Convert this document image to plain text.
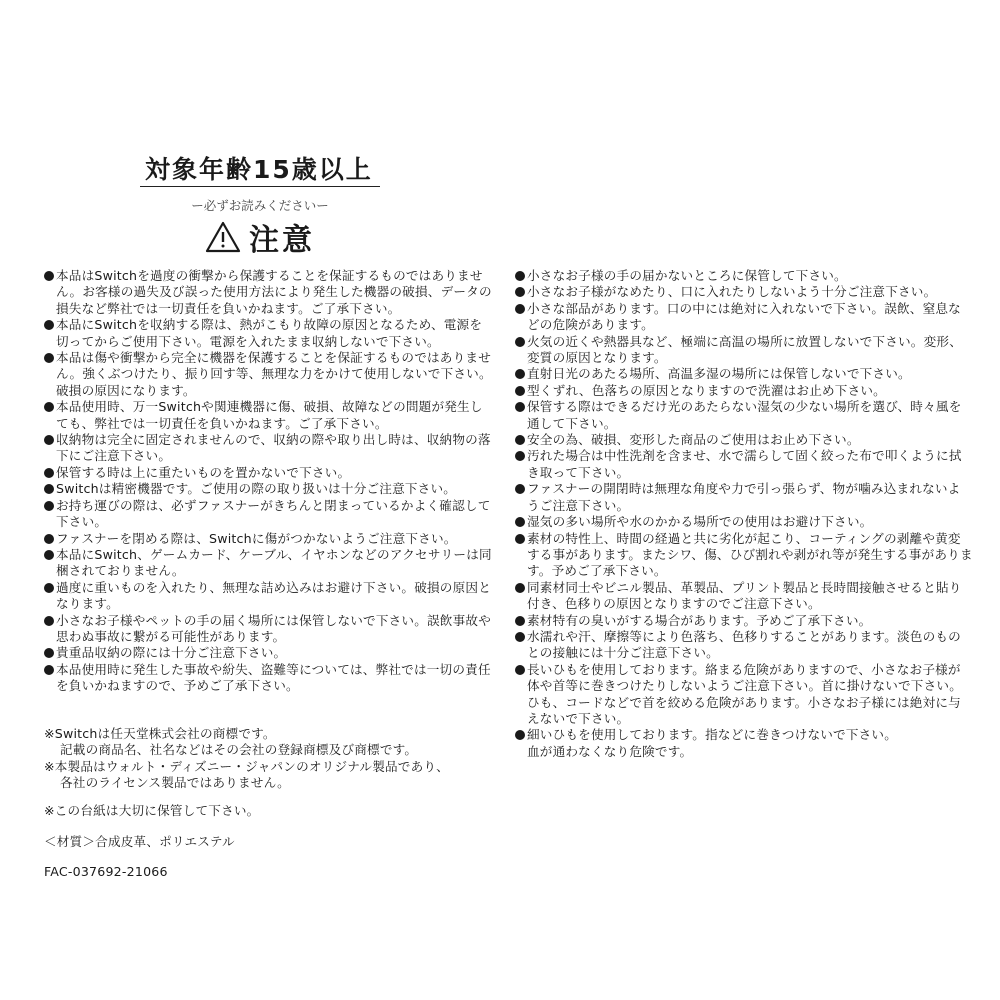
対象年齢15歳以上
ー必ずお読みくださいー
注意
本品はSwitchを過度の衝撃から保護することを保証するものではありません。お客様の過失及び誤った使用方法により発生した機器の破損、データの損失など弊社では一切責任を負いかねます。ご了承下さい。
本品にSwitchを収納する際は、熱がこもり故障の原因となるため、電源を切ってからご使用下さい。電源を入れたまま収納しないで下さい。
本品は傷や衝撃から完全に機器を保護することを保証するものではありません。強くぶつけたり、振り回す等、無理な力をかけて使用しないで下さい。破損の原因になります。
本品使用時、万一Switchや関連機器に傷、破損、故障などの問題が発生しても、弊社では一切責任を負いかねます。ご了承下さい。
収納物は完全に固定されませんので、収納の際や取り出し時は、収納物の落下にご注意下さい。
保管する時は上に重たいものを置かないで下さい。
Switchは精密機器です。ご使用の際の取り扱いは十分ご注意下さい。
お持ち運びの際は、必ずファスナーがきちんと閉まっているかよく確認して下さい。
ファスナーを閉める際は、Switchに傷がつかないようご注意下さい。
本品にSwitch、ゲームカード、ケーブル、イヤホンなどのアクセサリーは同梱されておりません。
過度に重いものを入れたり、無理な詰め込みはお避け下さい。破損の原因となります。
小さなお子様やペットの手の届く場所には保管しないで下さい。誤飲事故や思わぬ事故に繋がる可能性があります。
貴重品収納の際には十分ご注意下さい。
本品使用時に発生した事故や紛失、盗難等については、弊社では一切の責任を負いかねますので、予めご了承下さい。
小さなお子様の手の届かないところに保管して下さい。
小さなお子様がなめたり、口に入れたりしないよう十分ご注意下さい。
小さな部品があります。口の中には絶対に入れないで下さい。誤飲、窒息などの危険があります。
火気の近くや熱器具など、極端に高温の場所に放置しないで下さい。変形、変質の原因となります。
直射日光のあたる場所、高温多湿の場所には保管しないで下さい。
型くずれ、色落ちの原因となりますので洗濯はお止め下さい。
保管する際はできるだけ光のあたらない湿気の少ない場所を選び、時々風を通して下さい。
安全の為、破損、変形した商品のご使用はお止め下さい。
汚れた場合は中性洗剤を含ませ、水で濡らして固く絞った布で叩くように拭き取って下さい。
ファスナーの開閉時は無理な角度や力で引っ張らず、物が噛み込まれないようご注意下さい。
湿気の多い場所や水のかかる場所での使用はお避け下さい。
素材の特性上、時間の経過と共に劣化が起こり、コーティングの剥離や黄変する事があります。またシワ、傷、ひび割れや剥がれ等が発生する事があります。予めご了承下さい。
同素材同士やビニル製品、革製品、プリント製品と長時間接触させると貼り付き、色移りの原因となりますのでご注意下さい。
素材特有の臭いがする場合があります。予めご了承下さい。
水濡れや汗、摩擦等により色落ち、色移りすることがあります。淡色のものとの接触には十分ご注意下さい。
長いひもを使用しております。絡まる危険がありますので、小さなお子様が体や首等に巻きつけたりしないようご注意下さい。首に掛けないで下さい。
ひも、コードなどで首を絞める危険があります。小さなお子様には絶対に与えないで下さい。
細いひもを使用しております。指などに巻きつけないで下さい。
血が通わなくなり危険です。
※Switchは任天堂株式会社の商標です。
記載の商品名、社名などはその会社の登録商標及び商標です。
※本製品はウォルト・ディズニー・ジャパンのオリジナル製品であり、
各社のライセンス製品ではありません。
※この台紙は大切に保管して下さい。
＜材質＞合成皮革、ポリエステル
FAC-037692-21066
